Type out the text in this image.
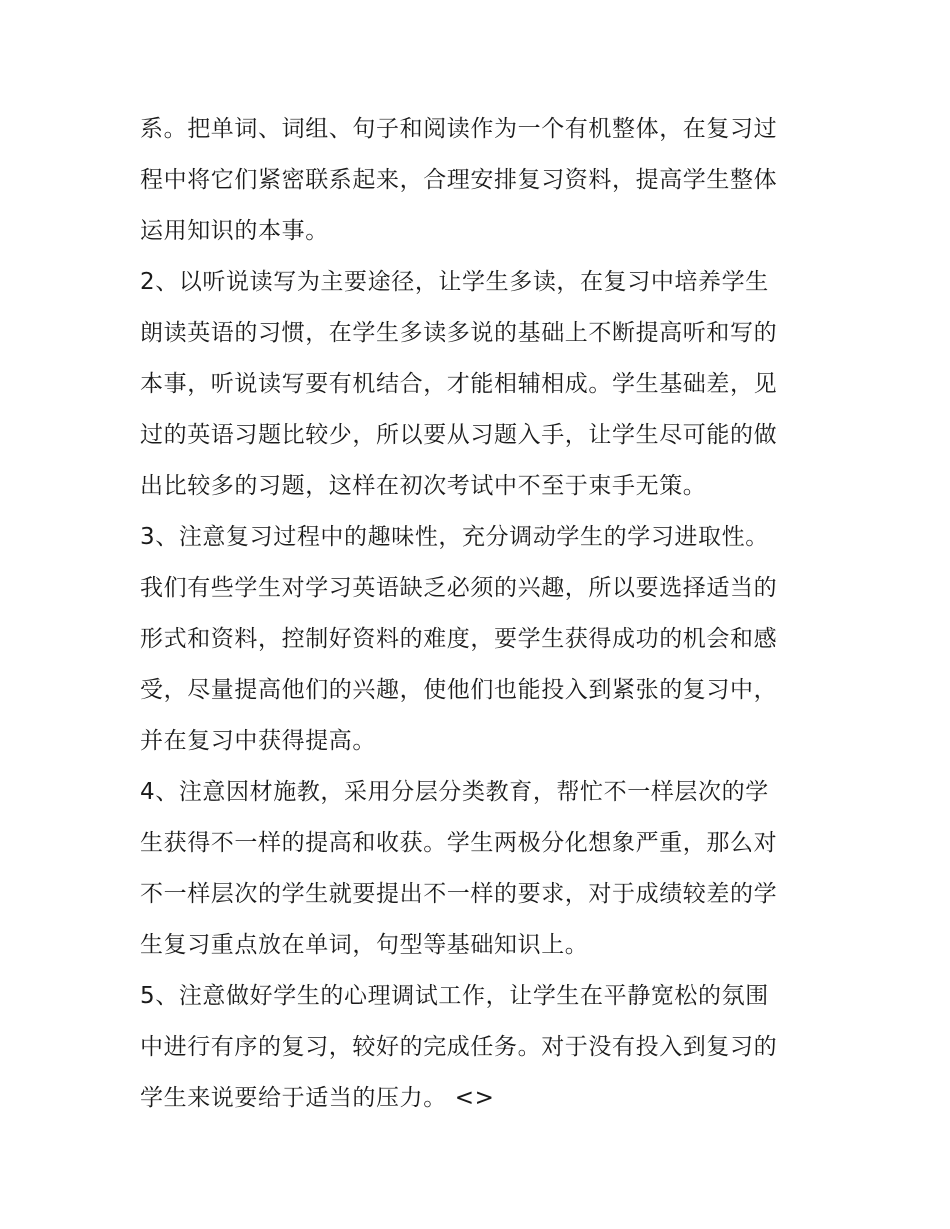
系。把单词、词组、句子和阅读作为一个有机整体，在复习过
程中将它们紧密联系起来，合理安排复习资料，提高学生整体
运用知识的本事。
2、以听说读写为主要途径，让学生多读，在复习中培养学生
朗读英语的习惯，在学生多读多说的基础上不断提高听和写的
本事，听说读写要有机结合，才能相辅相成。学生基础差，见
过的英语习题比较少，所以要从习题入手，让学生尽可能的做
出比较多的习题，这样在初次考试中不至于束手无策。
3、注意复习过程中的趣味性，充分调动学生的学习进取性。
我们有些学生对学习英语缺乏必须的兴趣，所以要选择适当的
形式和资料，控制好资料的难度，要学生获得成功的机会和感
受，尽量提高他们的兴趣，使他们也能投入到紧张的复习中，
并在复习中获得提高。
4、注意因材施教，采用分层分类教育，帮忙不一样层次的学
生获得不一样的提高和收获。学生两极分化想象严重，那么对
不一样层次的学生就要提出不一样的要求，对于成绩较差的学
生复习重点放在单词，句型等基础知识上。
5、注意做好学生的心理调试工作，让学生在平静宽松的氛围
中进行有序的复习，较好的完成任务。对于没有投入到复习的
学生来说要给于适当的压力。 <>
